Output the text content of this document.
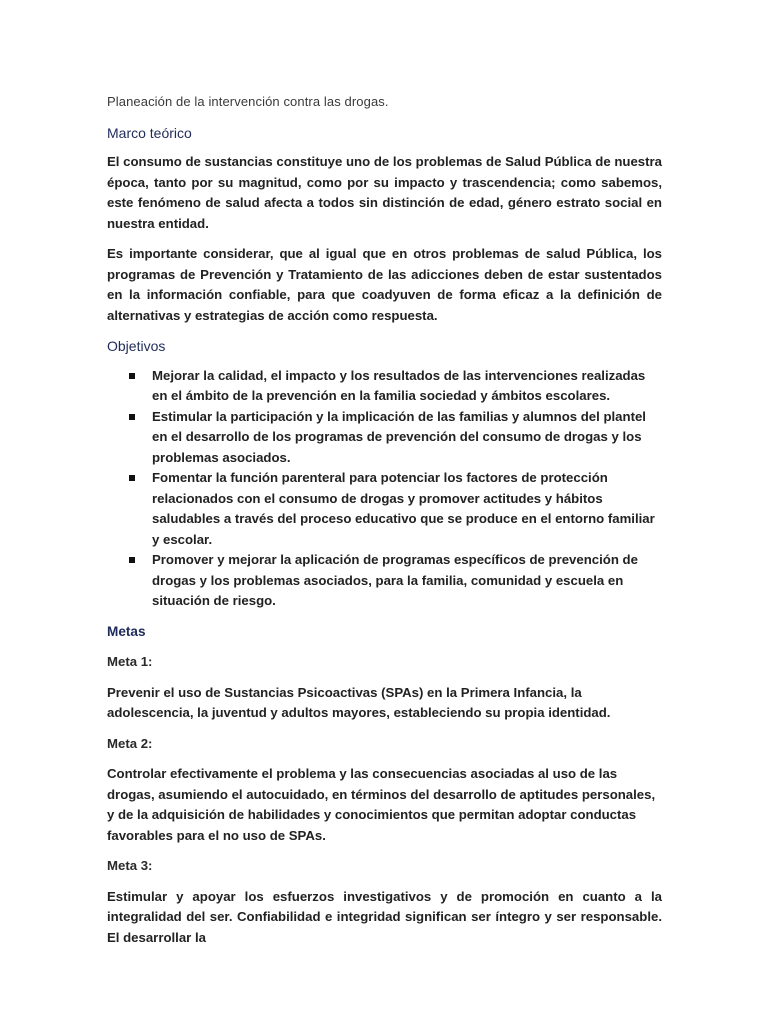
Planeación de la intervención contra las drogas.

Marco teórico

El consumo de sustancias constituye uno de los problemas de Salud Pública de nuestra época, tanto por su magnitud, como por su impacto y trascendencia; como sabemos, este fenómeno de salud afecta a todos sin distinción de edad, género estrato social en nuestra entidad.

Es importante considerar, que al igual que en otros problemas de salud Pública, los programas de Prevención y Tratamiento de las adicciones deben de estar sustentados en la información confiable, para que coadyuven de forma eficaz a la definición de alternativas y estrategias de acción como respuesta.

Objetivos
Mejorar la calidad, el impacto y los resultados de las intervenciones realizadas en el ámbito de la prevención en la familia sociedad y ámbitos escolares.
Estimular la participación y la implicación de las familias y alumnos del plantel en el desarrollo de los programas de prevención del consumo de drogas y los problemas asociados.
Fomentar la función parenteral para potenciar los factores de protección relacionados con el consumo de drogas y promover actitudes y hábitos saludables a través del proceso educativo que se produce en el entorno familiar y escolar.
Promover y mejorar la aplicación de programas específicos de prevención de drogas y los problemas asociados, para la familia, comunidad y escuela en situación de riesgo.
Metas

Meta 1:

Prevenir el uso de Sustancias Psicoactivas (SPAs) en la Primera Infancia, la adolescencia, la juventud y adultos mayores, estableciendo su propia identidad.

Meta 2:

Controlar efectivamente el problema y las consecuencias asociadas al uso de las drogas, asumiendo el autocuidado, en términos del desarrollo de aptitudes personales, y de la adquisición de habilidades y conocimientos que permitan adoptar conductas favorables para el no uso de SPAs.

Meta 3:

Estimular y apoyar los esfuerzos investigativos y de promoción en cuanto a la integralidad del ser. Confiabilidad e integridad significan ser íntegro y ser responsable. El desarrollar la
